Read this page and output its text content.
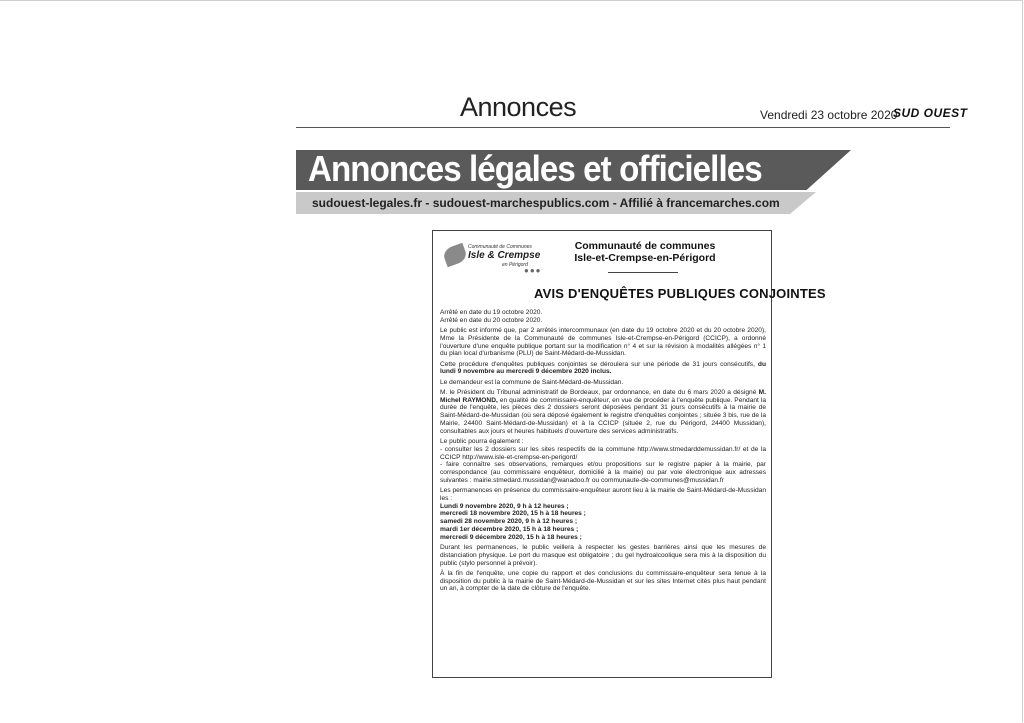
Annonces	Vendredi 23 octobre 2020
SUD OUEST
Annonces légales et officielles
sudouest-legales.fr - sudouest-marchespublics.com - Affilié à francemarches.com
Communauté de Communes
Isle & Crempse
en Périgord
●●●
Communauté de communes
Isle-et-Crempse-en-Périgord
AVIS D'ENQUÊTES PUBLIQUES CONJOINTES

Arrêté en date du 19 octobre 2020.
Arrêté en date du 20 octobre 2020.

Le public est informé que, par 2 arrêtés intercommunaux (en date du 19 octobre 2020 et du 20 octobre 2020), Mme la Présidente de la Communauté de communes Isle-et-Crempse-en-Périgord (CCICP), a ordonné l'ouverture d'une enquête publique portant sur la modification n° 4 et sur la révision à modalités allégées n° 1 du plan local d'urbanisme (PLU) de Saint-Médard-de-Mussidan.

Cette procédure d'enquêtes publiques conjointes se déroulera sur une période de 31 jours consécutifs, du lundi 9 novembre au mercredi 9 décembre 2020 inclus.

Le demandeur est la commune de Saint-Médard-de-Mussidan.

M. le Président du Tribunal administratif de Bordeaux, par ordonnance, en date du 6 mars 2020 a désigné M. Michel RAYMOND, en qualité de commissaire-enquêteur, en vue de procéder à l'enquête publique. Pendant la durée de l'enquête, les pièces des 2 dossiers seront déposées pendant 31 jours consécutifs à la mairie de Saint-Médard-de-Mussidan (où sera déposé également le registre d'enquêtes conjointes ; située 3 bis, rue de la Mairie, 24400 Saint-Médard-de-Mussidan) et à la CCICP (située 2, rue du Périgord, 24400 Mussidan), consultables aux jours et heures habituels d'ouverture des services administratifs.

Le public pourra également :
- consulter les 2 dossiers sur les sites respectifs de la commune http://www.stmedarddemussidan.fr/ et de la CCICP http://www.isle-et-crempse-en-perigord/
- faire connaître ses observations, remarques et/ou propositions sur le registre papier à la mairie, par correspondance (au commissaire enquêteur, domicilié à la mairie) ou par voie électronique aux adresses suivantes : mairie.stmedard.mussidan@wanadoo.fr ou communaute-de-communes@mussidan.fr

Les permanences en présence du commissaire-enquêteur auront lieu à la mairie de Saint-Médard-de-Mussidan les :
Lundi 9 novembre 2020, 9 h à 12 heures ;
mercredi 18 novembre 2020, 15 h à 18 heures ;
samedi 28 novembre 2020, 9 h à 12 heures ;
mardi 1er décembre 2020, 15 h à 18 heures ;
mercredi 9 décembre 2020, 15 h à 18 heures ;

Durant les permanences, le public veillera à respecter les gestes barrières ainsi que les mesures de distanciation physique. Le port du masque est obligatoire ; du gel hydroalcoolique sera mis à la disposition du public (stylo personnel à prévoir).

À la fin de l'enquête, une copie du rapport et des conclusions du commissaire-enquêteur sera tenue à la disposition du public à la mairie de Saint-Médard-de-Mussidan et sur les sites Internet cités plus haut pendant un an, à compter de la date de clôture de l'enquête.
